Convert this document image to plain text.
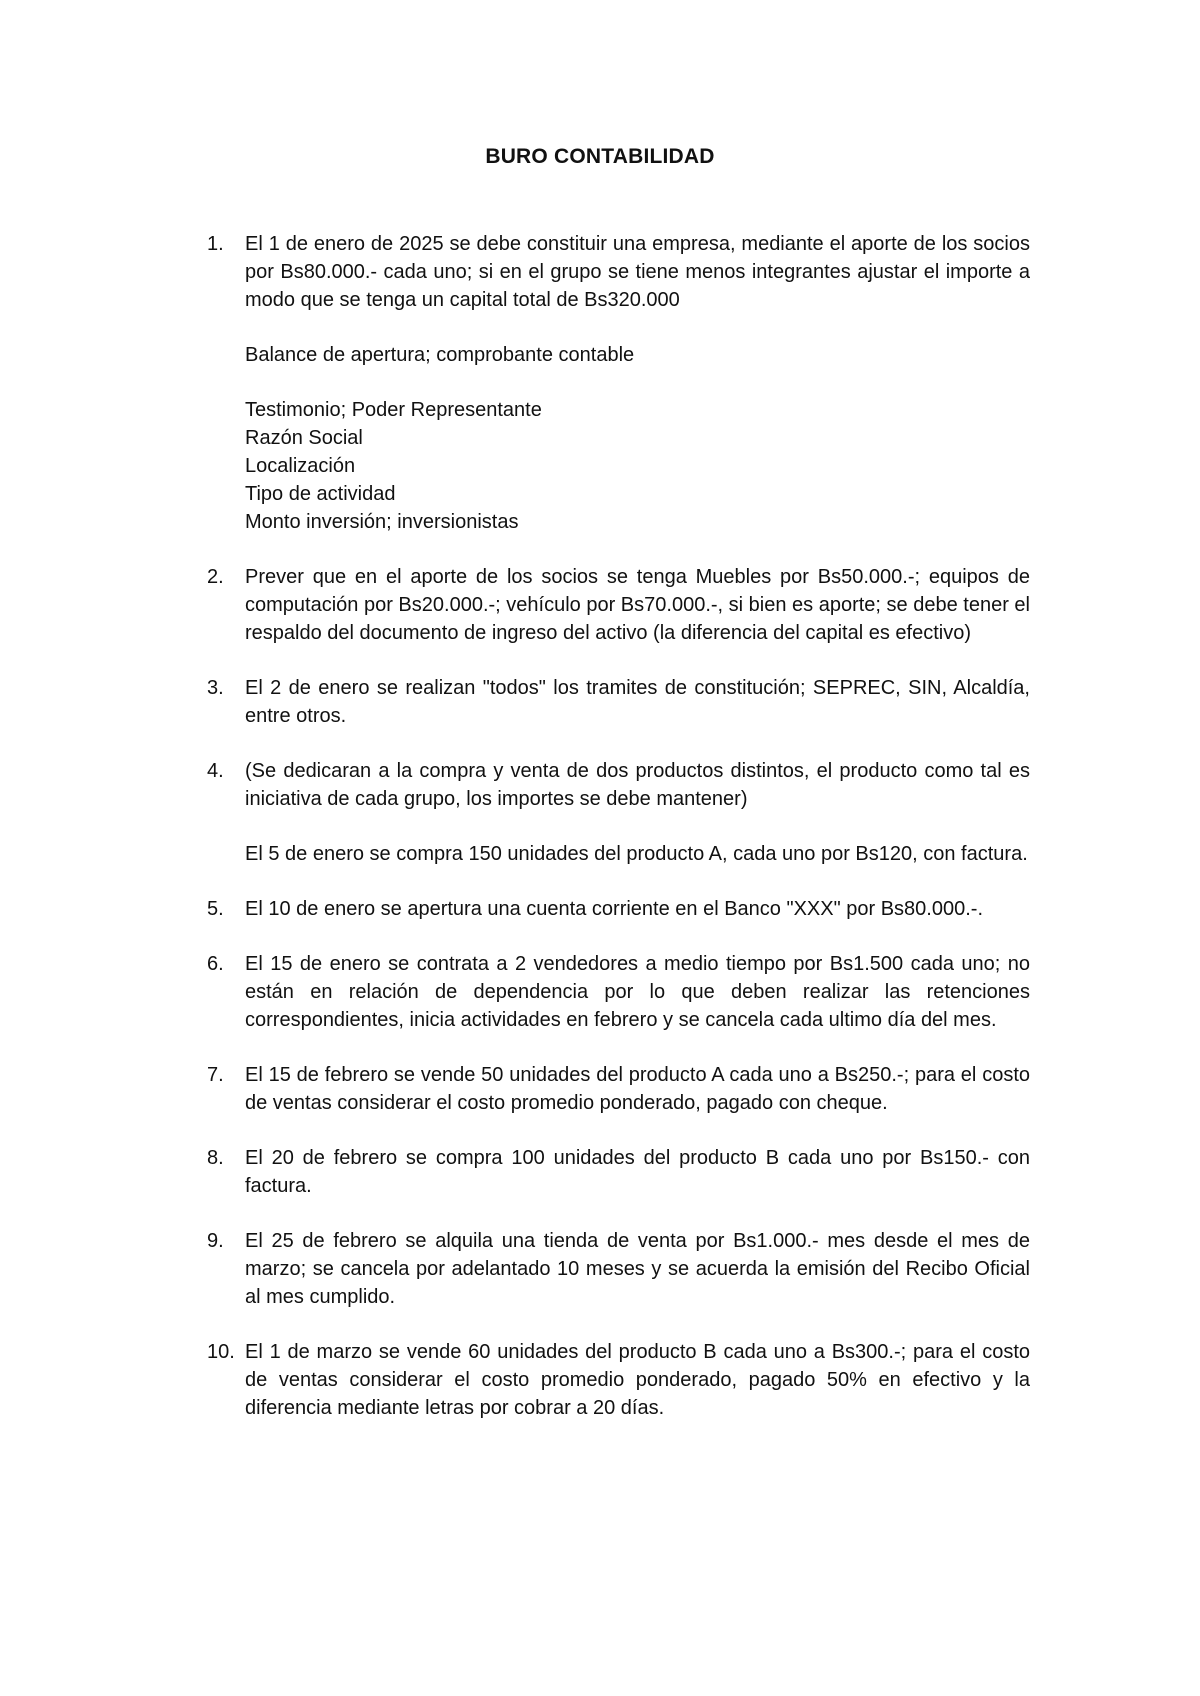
BURO CONTABILIDAD
1. El 1 de enero de 2025 se debe constituir una empresa, mediante el aporte de los socios por Bs80.000.- cada uno; si en el grupo se tiene menos integrantes ajustar el importe a modo que se tenga un capital total de Bs320.000

Balance de apertura; comprobante contable

Testimonio; Poder Representante
Razón Social
Localización
Tipo de actividad
Monto inversión; inversionistas
2. Prever que en el aporte de los socios se tenga Muebles por Bs50.000.-; equipos de computación por Bs20.000.-; vehículo por Bs70.000.-, si bien es aporte; se debe tener el respaldo del documento de ingreso del activo (la diferencia del capital es efectivo)

3. El 2 de enero se realizan "todos" los tramites de constitución; SEPREC, SIN, Alcaldía, entre otros.

4. (Se dedicaran a la compra y venta de dos productos distintos, el producto como tal es iniciativa de cada grupo, los importes se debe mantener)

El 5 de enero se compra 150 unidades del producto A, cada uno por Bs120, con factura.

5. El 10 de enero se apertura una cuenta corriente en el Banco "XXX" por Bs80.000.-.

6. El 15 de enero se contrata a 2 vendedores a medio tiempo por Bs1.500 cada uno; no están en relación de dependencia por lo que deben realizar las retenciones correspondientes, inicia actividades en febrero y se cancela cada ultimo día del mes.

7. El 15 de febrero se vende 50 unidades del producto A cada uno a Bs250.-; para el costo de ventas considerar el costo promedio ponderado, pagado con cheque.

8. El 20 de febrero se compra 100 unidades del producto B cada uno por Bs150.- con factura.

9. El 25 de febrero se alquila una tienda de venta por Bs1.000.- mes desde el mes de marzo; se cancela por adelantado 10 meses y se acuerda la emisión del Recibo Oficial al mes cumplido.

10. El 1 de marzo se vende 60 unidades del producto B cada uno a Bs300.-; para el costo de ventas considerar el costo promedio ponderado, pagado 50% en efectivo y la diferencia mediante letras por cobrar a 20 días.
